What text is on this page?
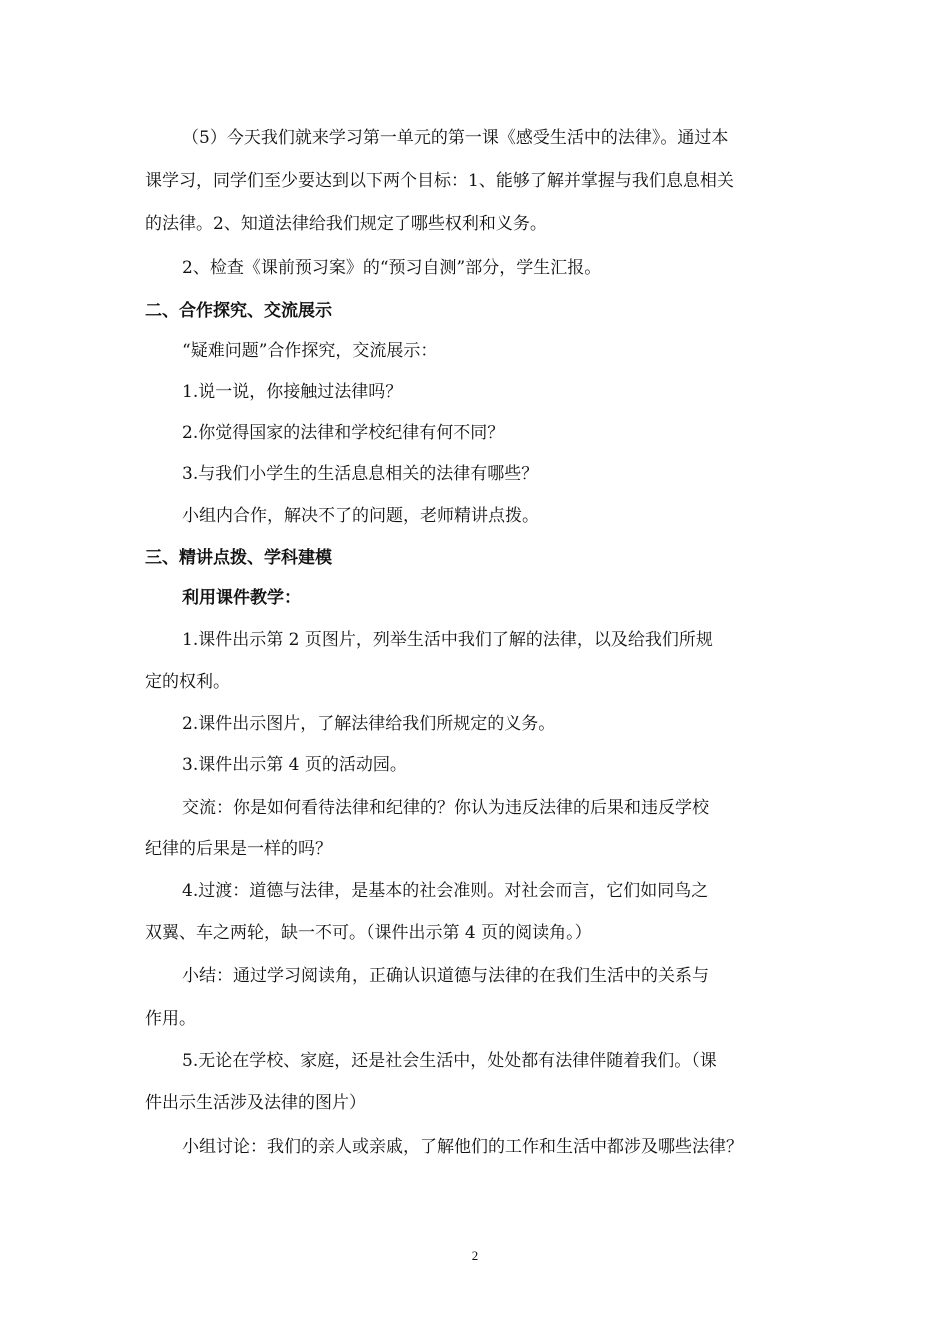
（5）今天我们就来学习第一单元的第一课《感受生活中的法律》。通过本
课学习，同学们至少要达到以下两个目标：1、能够了解并掌握与我们息息相关
的法律。2、知道法律给我们规定了哪些权利和义务。
2、检查《课前预习案》的“预习自测”部分，学生汇报。
二、合作探究、交流展示
“疑难问题”合作探究，交流展示：
1.说一说，你接触过法律吗？
2.你觉得国家的法律和学校纪律有何不同？
3.与我们小学生的生活息息相关的法律有哪些？
小组内合作，解决不了的问题，老师精讲点拨。
三、精讲点拨、学科建模
利用课件教学：
1.课件出示第 2 页图片，列举生活中我们了解的法律，以及给我们所规
定的权利。
2.课件出示图片，了解法律给我们所规定的义务。
3.课件出示第 4 页的活动园。
交流：你是如何看待法律和纪律的？你认为违反法律的后果和违反学校
纪律的后果是一样的吗？
4.过渡：道德与法律，是基本的社会准则。对社会而言，它们如同鸟之
双翼、车之两轮，缺一不可。（课件出示第 4 页的阅读角。）
小结：通过学习阅读角，正确认识道德与法律的在我们生活中的关系与
作用。
5.无论在学校、家庭，还是社会生活中，处处都有法律伴随着我们。（课
件出示生活涉及法律的图片）
小组讨论：我们的亲人或亲戚，了解他们的工作和生活中都涉及哪些法律？
2
